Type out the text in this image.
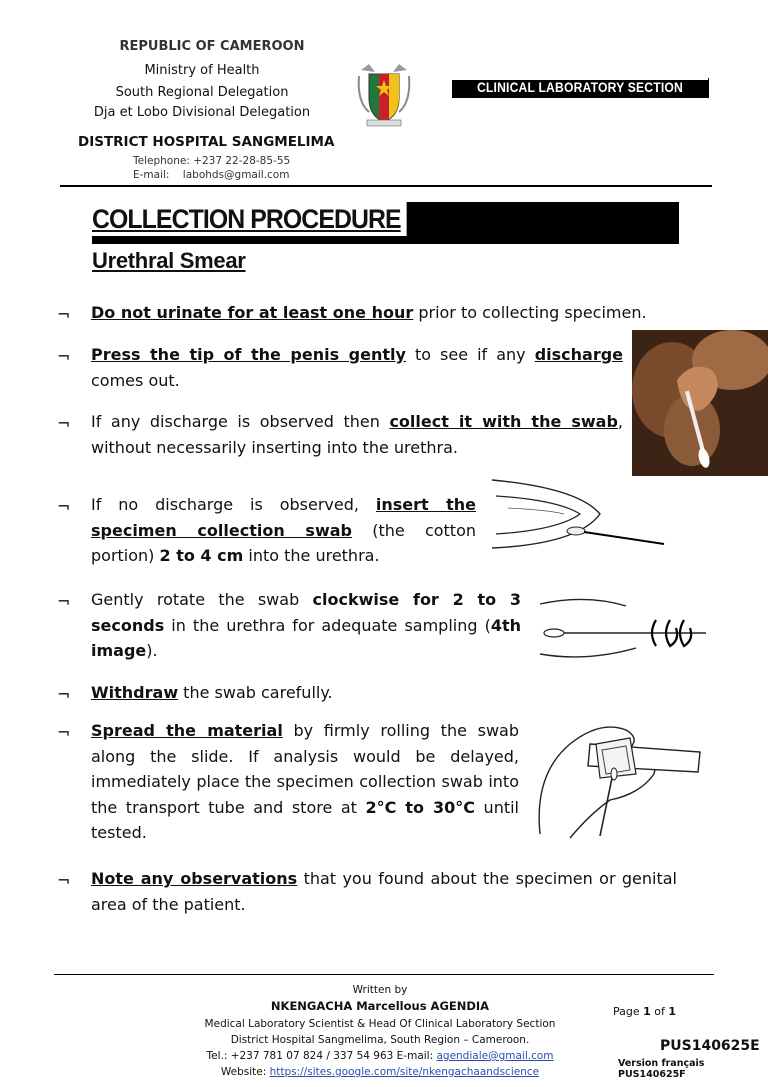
REPUBLIC OF CAMEROON
Ministry of Health
South Regional Delegation
Dja et Lobo Divisional Delegation
DISTRICT HOSPITAL SANGMELIMA
Telephone: +237 22-28-85-55
E-mail:    labohds@gmail.com
CLINICAL LABORATORY SECTION
COLLECTION PROCEDURE
Urethral Smear
¬ Do not urinate for at least one hour prior to collecting specimen.
¬ Press the tip of the penis gently to see if any discharge comes out.
¬ If any discharge is observed then collect it with the swab, without necessarily inserting into the urethra.
¬ If no discharge is observed, insert the specimen collection swab (the cotton portion) 2 to 4 cm into the urethra.
¬ Gently rotate the swab clockwise for 2 to 3 seconds in the urethra for adequate sampling (4th image).
¬ Withdraw the swab carefully.
¬ Spread the material by firmly rolling the swab along the slide. If analysis would be delayed, immediately place the specimen collection swab into the transport tube and store at 2°C to 30°C until tested.
¬ Note any observations that you found about the specimen or genital area of the patient.
Written by
NKENGACHA Marcellous AGENDIA
Medical Laboratory Scientist & Head Of Clinical Laboratory Section
District Hospital Sangmelima, South Region – Cameroon.
Tel.: +237 781 07 824 / 337 54 963 E-mail: agendiale@gmail.com
Website: https://sites.google.com/site/nkengachaandscience
Page 1 of 1
PUS140625E
Version français PUS140625F
